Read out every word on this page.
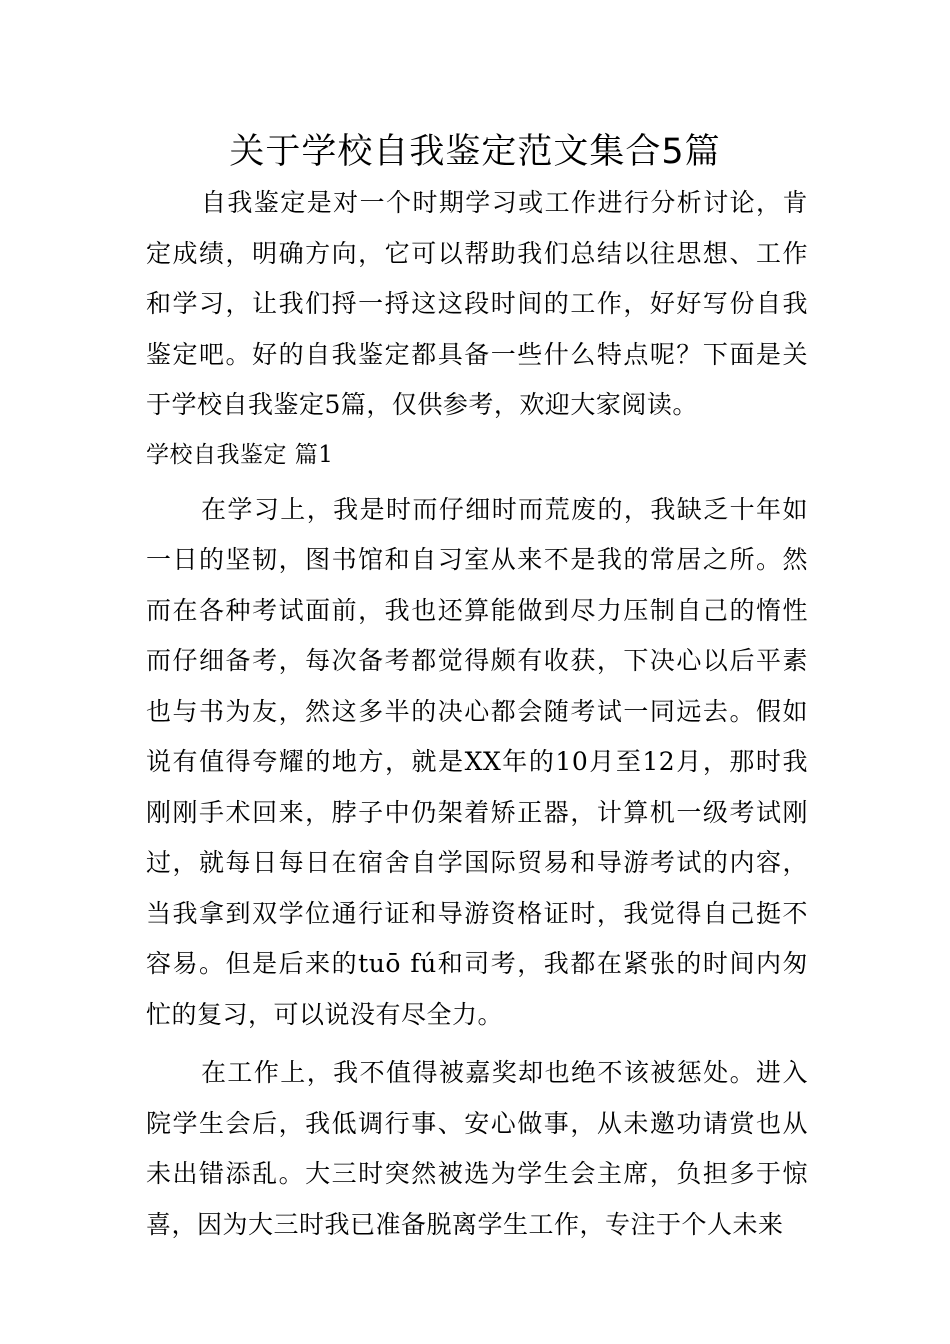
关于学校自我鉴定范文集合5篇

自我鉴定是对一个时期学习或工作进行分析讨论，肯定成绩，明确方向，它可以帮助我们总结以往思想、工作和学习，让我们捋一捋这这段时间的工作，好好写份自我鉴定吧。好的自我鉴定都具备一些什么特点呢？下面是关于学校自我鉴定5篇，仅供参考，欢迎大家阅读。

学校自我鉴定 篇1

在学习上，我是时而仔细时而荒废的，我缺乏十年如一日的坚韧，图书馆和自习室从来不是我的常居之所。然而在各种考试面前，我也还算能做到尽力压制自己的惰性而仔细备考，每次备考都觉得颇有收获，下决心以后平素也与书为友，然这多半的决心都会随考试一同远去。假如说有值得夸耀的地方，就是XX年的10月至12月，那时我刚刚手术回来，脖子中仍架着矫正器，计算机一级考试刚过，就每日每日在宿舍自学国际贸易和导游考试的内容，当我拿到双学位通行证和导游资格证时，我觉得自己挺不容易。但是后来的tuō fú和司考，我都在紧张的时间内匆忙的复习，可以说没有尽全力。

在工作上，我不值得被嘉奖却也绝不该被惩处。进入院学生会后，我低调行事、安心做事，从未邀功请赏也从未出错添乱。大三时突然被选为学生会主席，负担多于惊喜，因为大三时我已准备脱离学生工作，专注于个人未来
